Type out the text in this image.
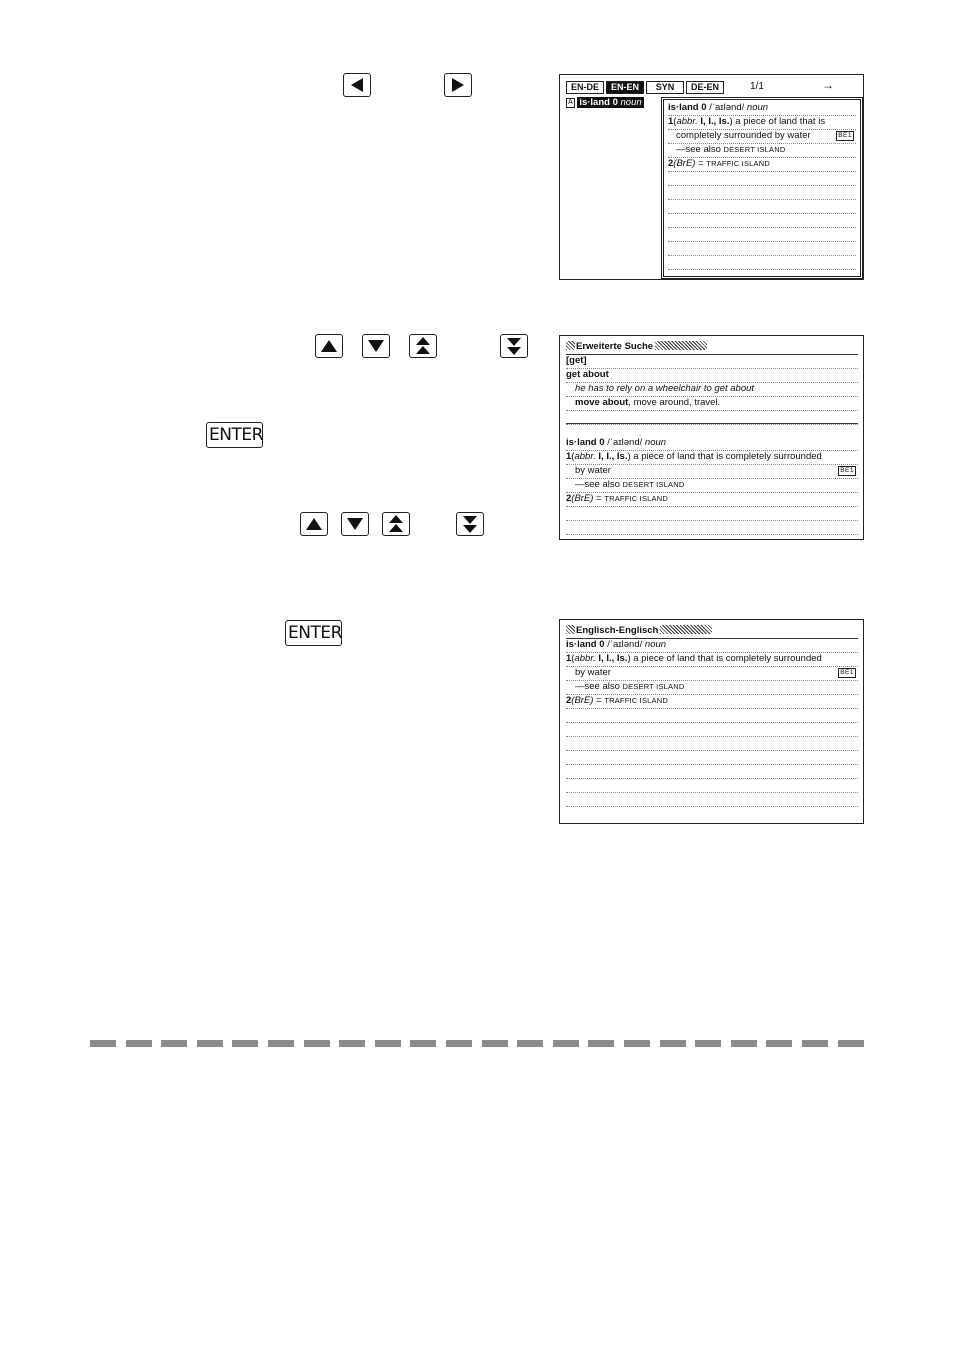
EN-DE	EN-EN	SYN	DE-EN	1/1	→
A is·land 0 noun	is·land 0 /ˈaɪlənd/ noun
1(abbr. I, I., Is.) a piece of land that is
completely surrounded by water	BE1
—see also DESERT ISLAND
2(BrE) = TRAFFIC ISLAND
ENTER
Erweiterte Suche
[get]
get about
he has to rely on a wheelchair to get about
move about, move around, travel.
is·land 0 /ˈaɪlənd/ noun
1(abbr. I, I., Is.) a piece of land that is completely surrounded
by water	BE1
—see also DESERT ISLAND
2(BrE) = TRAFFIC ISLAND
ENTER	Englisch-Englisch
is·land 0 /ˈaɪlənd/ noun
1(abbr. I, I., Is.) a piece of land that is completely surrounded
by water	BE1
—see also DESERT ISLAND
2(BrE) = TRAFFIC ISLAND
